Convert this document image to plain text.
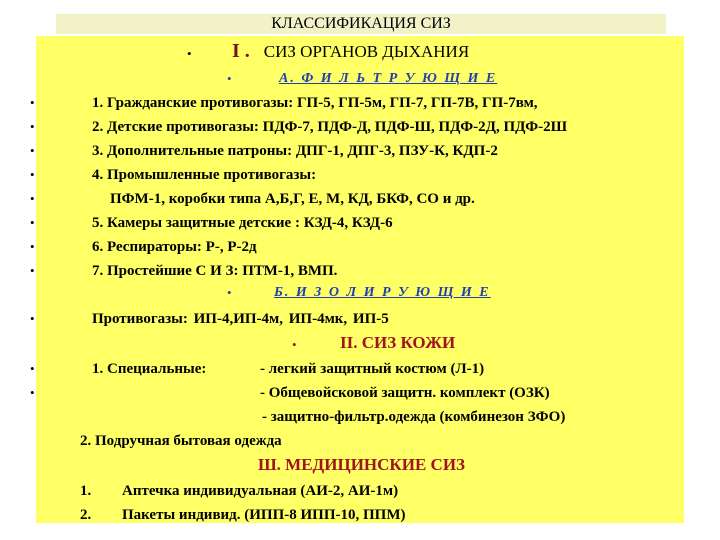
КЛАССИФИКАЦИЯ СИЗ
• I . СИЗ ОРГАНОВ ДЫХАНИЯ
•	А. Ф И Л Ь Т Р У Ю Щ И Е
•	1. Гражданские противогазы: ГП-5, ГП-5м, ГП-7, ГП-7В, ГП-7вм,
•	2. Детские противогазы: ПДФ-7, ПДФ-Д, ПДФ-Ш, ПДФ-2Д, ПДФ-2Ш
•	3. Дополнительные патроны: ДПГ-1, ДПГ-3, ПЗУ-К, КДП-2
•	4. Промышленные противогазы:
•	ПФМ-1, коробки типа А,Б,Г, Е, М, КД, БКФ, СО и др.
•	5. Камеры защитные детские : КЗД-4, КЗД-6
•	6. Респираторы: Р-, Р-2д
•	7. Простейшие С И З: ПТМ-1, ВМП.
•	Б. И З О Л И Р У Ю Щ И Е
•	Противогазы: ИП-4,ИП-4м, ИП-4мк, ИП-5
•	II. СИЗ КОЖИ
•	1. Специальные:	- легкий защитный костюм (Л-1)
•	- Общевойсковой защитн. комплект (ОЗК)
- защитно-фильтр.одежда (комбинезон ЗФО)
2. Подручная бытовая одежда
Ш. МЕДИЦИНСКИЕ СИЗ
1. Аптечка индивидуальная (АИ-2, АИ-1м)
2. Пакеты индивид. (ИПП-8 ИПП-10, ППМ)
